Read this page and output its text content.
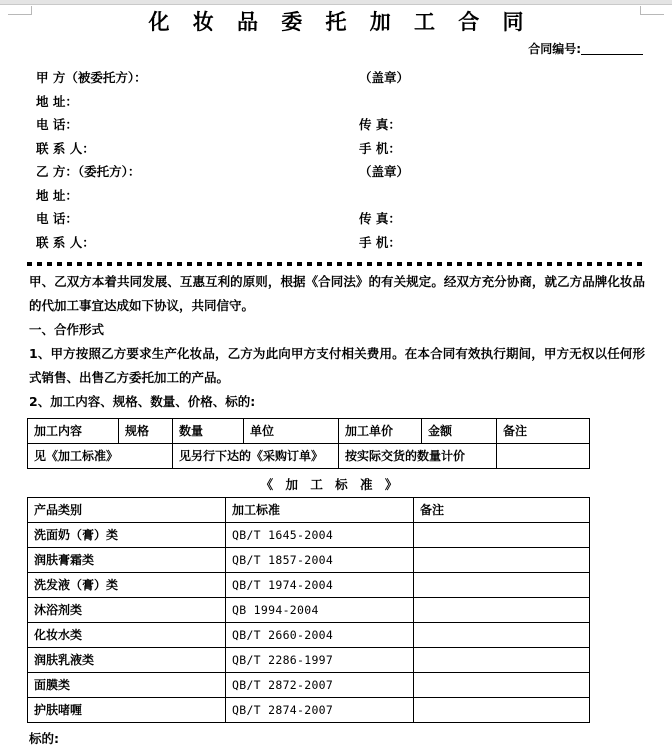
化 妆 品 委 托 加 工 合 同
合同编号:
甲 方（被委托方）：	（盖章）
地 址：
电 话：	传 真：
联 系 人：	手 机：
乙 方：（委托方）：	（盖章）
地 址：
电 话：	传 真：
联 系 人：	手 机：
甲、乙双方本着共同发展、互惠互利的原则，根据《合同法》的有关规定。经双方充分协商，就乙方品牌化妆品的代加工事宜达成如下协议，共同信守。
一、合作形式
1、甲方按照乙方要求生产化妆品，乙方为此向甲方支付相关费用。在本合同有效执行期间，甲方无权以任何形式销售、出售乙方委托加工的产品。
2、加工内容、规格、数量、价格、标的:
加工内容	规格	数量	单位	加工单价	金额	备注
见《加工标准》		见另行下达的《采购订单》		按实际交货的数量计价		
《 加 工 标 准 》
产品类别	加工标准	备注
洗面奶（膏）类	QB/T 1645-2004	
润肤膏霜类	QB/T 1857-2004	
洗发液（膏）类	QB/T 1974-2004	
沐浴剂类	QB 1994-2004	
化妆水类	QB/T 2660-2004	
润肤乳液类	QB/T 2286-1997	
面膜类	QB/T 2872-2007	
护肤啫喱	QB/T 2874-2007	
标的:
